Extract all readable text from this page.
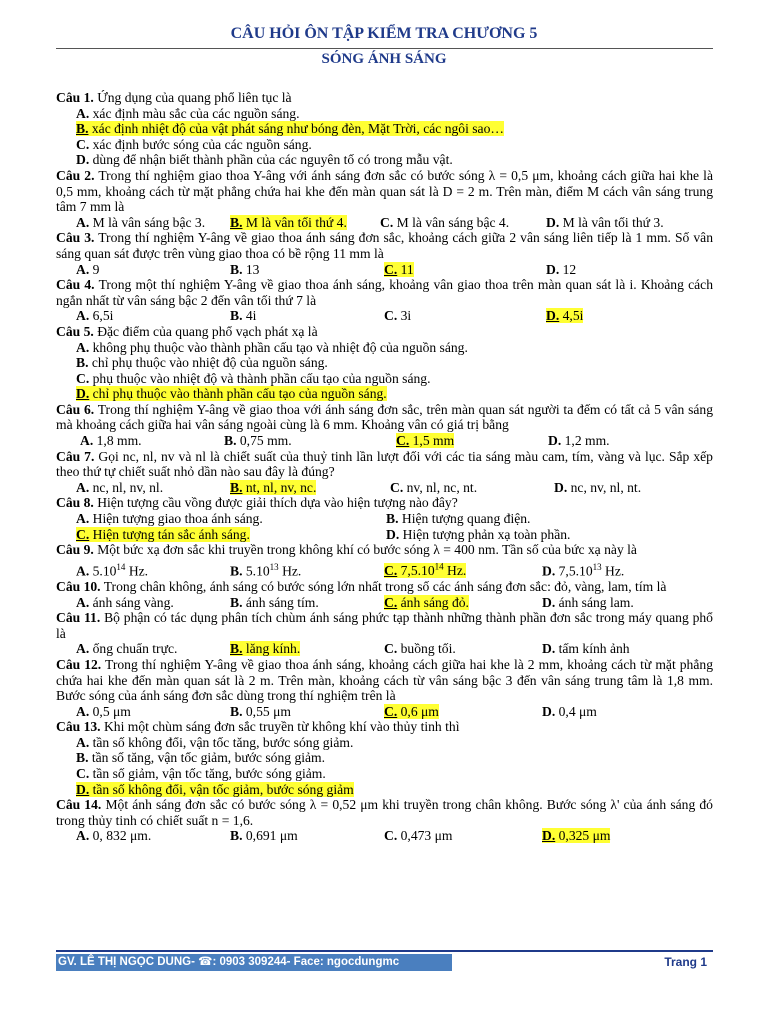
CÂU HỎI ÔN TẬP KIỂM TRA CHƯƠNG 5
SÓNG ÁNH SÁNG
Câu 1. Ứng dụng của quang phổ liên tục là
A. xác định màu sắc của các nguồn sáng.
B. xác định nhiệt độ của vật phát sáng như bóng đèn, Mặt Trời, các ngôi sao…
C. xác định bước sóng của các nguồn sáng.
D. dùng để nhận biết thành phần của các nguyên tố có trong mẫu vật.
Câu 2. Trong thí nghiệm giao thoa Y-âng với ánh sáng đơn sắc có bước sóng λ = 0,5 μm, khoảng cách giữa hai khe là 0,5 mm, khoảng cách từ mặt phẳng chứa hai khe đến màn quan sát là D = 2 m. Trên màn, điểm M cách vân sáng trung tâm 7 mm là
A. M là vân sáng bậc 3.	B. M là vân tối thứ 4.	C. M là vân sáng bậc 4.	D. M là vân tối thứ 3.
Câu 3. Trong thí nghiệm Y-âng về giao thoa ánh sáng đơn sắc, khoảng cách giữa 2 vân sáng liên tiếp là 1 mm. Số vân sáng quan sát được trên vùng giao thoa có bề rộng 11 mm là
A. 9	B. 13	C. 11	D. 12
Câu 4. Trong một thí nghiệm Y-âng về giao thoa ánh sáng, khoảng vân giao thoa trên màn quan sát là i. Khoảng cách ngắn nhất từ vân sáng bậc 2 đến vân tối thứ 7 là
A. 6,5i	B. 4i	C. 3i	D. 4,5i
Câu 5. Đặc điểm của quang phổ vạch phát xạ là
A. không phụ thuộc vào thành phần cấu tạo và nhiệt độ của nguồn sáng.
B. chỉ phụ thuộc vào nhiệt độ của nguồn sáng.
C. phụ thuộc vào nhiệt độ và thành phần cấu tạo của nguồn sáng.
D. chỉ phụ thuộc vào thành phần cấu tạo của nguồn sáng.
Câu 6. Trong thí nghiệm Y-âng về giao thoa với ánh sáng đơn sắc, trên màn quan sát người ta đếm có tất cả 5 vân sáng mà khoảng cách giữa hai vân sáng ngoài cùng là 6 mm. Khoảng vân có giá trị bằng
A. 1,8 mm.	B. 0,75 mm.	C. 1,5 mm	D. 1,2 mm.
Câu 7. Gọi nc, nl, nv và nl là chiết suất của thuỷ tinh lần lượt đối với các tia sáng màu cam, tím, vàng và lục. Sắp xếp theo thứ tự chiết suất nhỏ dần nào sau đây là đúng?
A. nc, nl, nv, nl.	B. nt, nl, nv, nc.	C. nv, nl, nc, nt.	D. nc, nv, nl, nt.
Câu 8. Hiện tượng cầu vồng được giải thích dựa vào hiện tượng nào đây?
A. Hiện tượng giao thoa ánh sáng.	B. Hiện tượng quang điện.
C. Hiện tượng tán sắc ánh sáng.	D. Hiện tượng phản xạ toàn phần.
Câu 9. Một bức xạ đơn sắc khi truyền trong không khí có bước sóng λ = 400 nm. Tần số của bức xạ này là
A. 5.10$^{14}$ Hz.	B. 5.10$^{13}$ Hz.	C. 7,5.10$^{14}$ Hz.	D. 7,5.10$^{13}$ Hz.
Câu 10. Trong chân không, ánh sáng có bước sóng lớn nhất trong số các ánh sáng đơn sắc: đỏ, vàng, lam, tím là
A. ánh sáng vàng.	B. ánh sáng tím.	C. ánh sáng đỏ.	D. ánh sáng lam.
Câu 11. Bộ phận có tác dụng phân tích chùm ánh sáng phức tạp thành những thành phần đơn sắc trong máy quang phổ là
A. ống chuẩn trực.	B. lăng kính.	C. buồng tối.	D. tấm kính ảnh
Câu 12. Trong thí nghiệm Y-âng về giao thoa ánh sáng, khoảng cách giữa hai khe là 2 mm, khoảng cách từ mặt phẳng chứa hai khe đến màn quan sát là 2 m. Trên màn, khoảng cách từ vân sáng bậc 3 đến vân sáng trung tâm là 1,8 mm. Bước sóng của ánh sáng đơn sắc dùng trong thí nghiệm trên là
A. 0,5 μm	B. 0,55 μm	C. 0,6 μm	D. 0,4 μm
Câu 13. Khi một chùm sáng đơn sắc truyền từ không khí vào thủy tinh thì
A. tần số không đổi, vận tốc tăng, bước sóng giảm.
B. tần số tăng, vận tốc giảm, bước sóng giảm.
C. tần số giảm, vận tốc tăng, bước sóng giảm.
D. tần số không đổi, vận tốc giảm, bước sóng giảm
Câu 14. Một ánh sáng đơn sắc có bước sóng λ = 0,52 μm khi truyền trong chân không. Bước sóng λ' của ánh sáng đó trong thủy tinh có chiết suất n = 1,6.
A. 0, 832 μm.	B. 0,691 μm	C. 0,473 μm	D. 0,325 μm
GV. LÊ THỊ NGỌC DUNG- ☎: 0903 309244- Face: ngocdungmc	Trang 1
